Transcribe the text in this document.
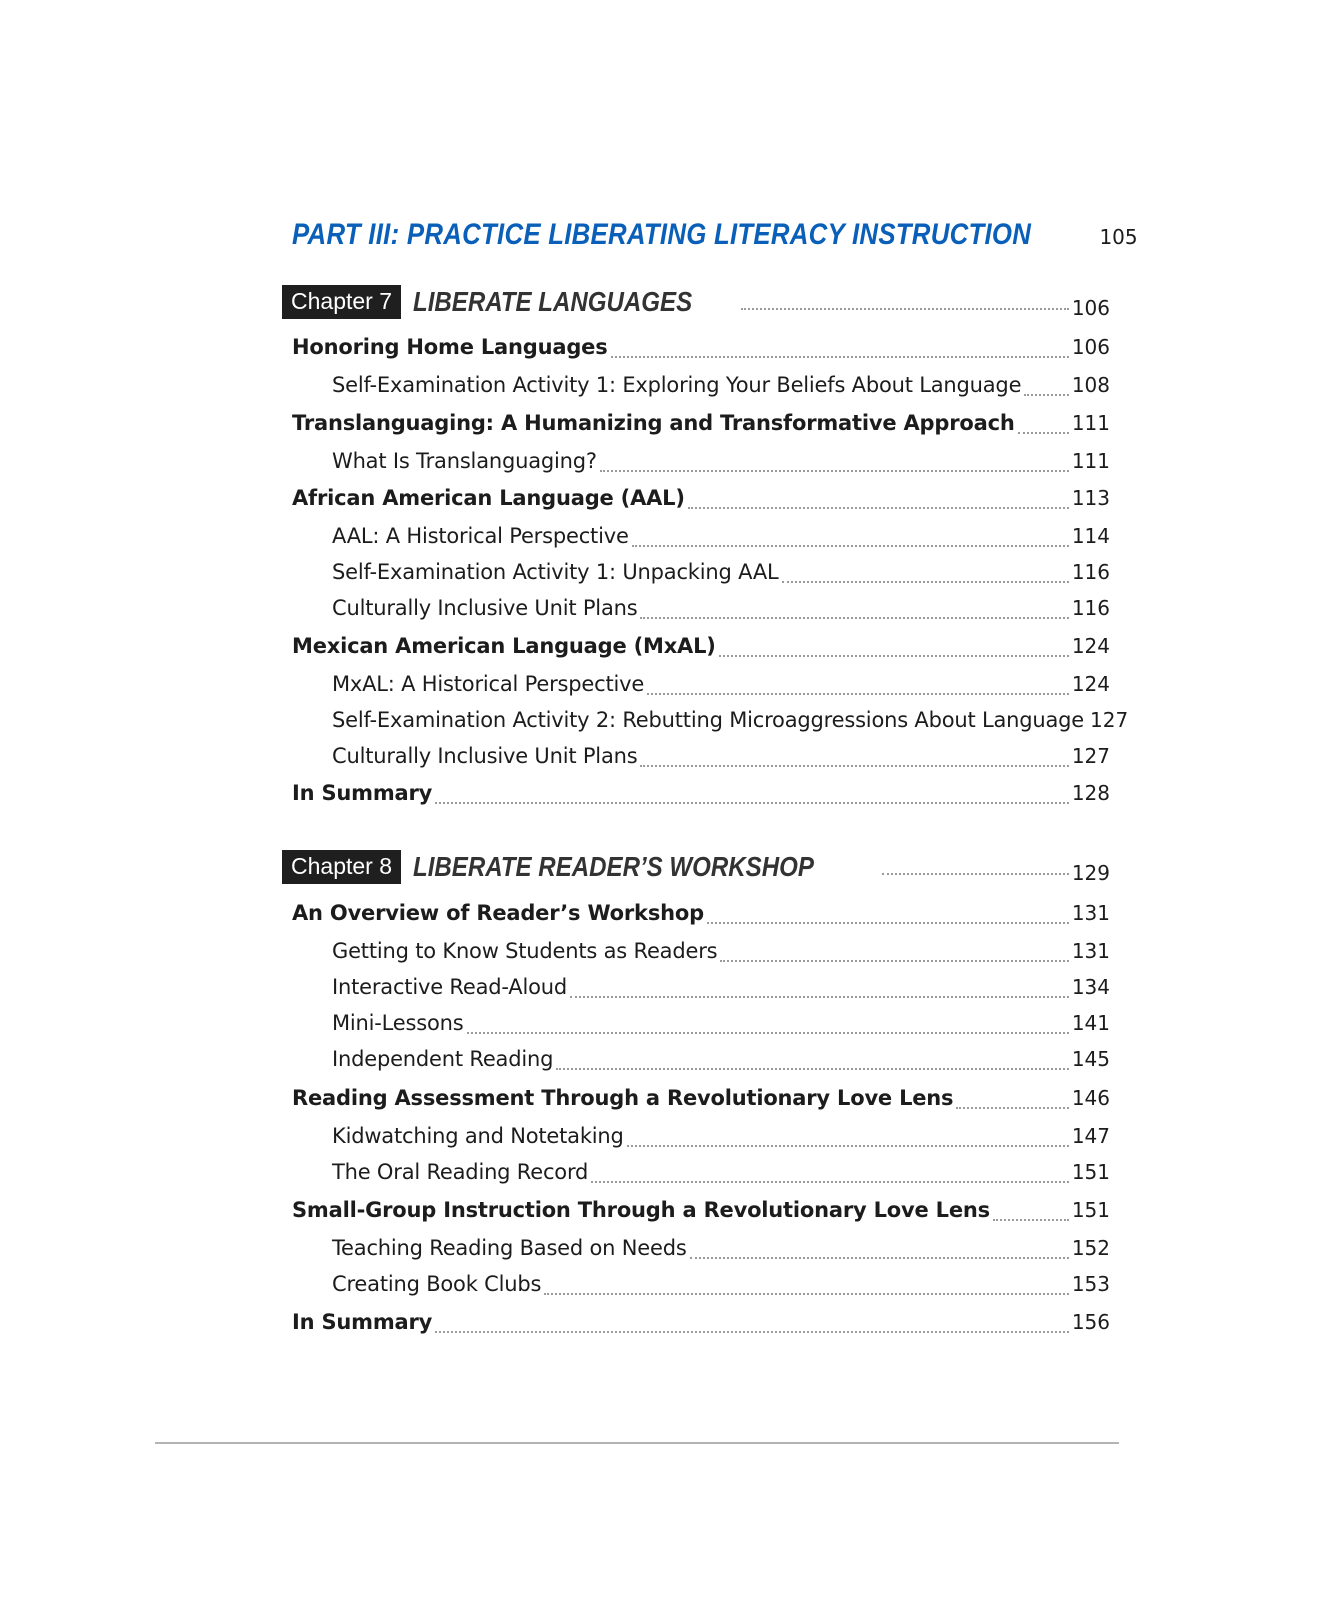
PART III: PRACTICE LIBERATING LITERACY INSTRUCTION	105
Chapter 7 LIBERATE LANGUAGES	106
Honoring Home Languages	106
Self-Examination Activity 1: Exploring Your Beliefs About Language	108
Translanguaging: A Humanizing and Transformative Approach	111
What Is Translanguaging?	111
African American Language (AAL)	113
AAL: A Historical Perspective	114
Self-Examination Activity 1: Unpacking AAL	116
Culturally Inclusive Unit Plans	116
Mexican American Language (MxAL)	124
MxAL: A Historical Perspective	124
Self-Examination Activity 2: Rebutting Microaggressions About Language 127
Culturally Inclusive Unit Plans	127
In Summary	128
Chapter 8 LIBERATE READER’S WORKSHOP	129
An Overview of Reader’s Workshop	131
Getting to Know Students as Readers	131
Interactive Read-Aloud	134
Mini-Lessons	141
Independent Reading	145
Reading Assessment Through a Revolutionary Love Lens	146
Kidwatching and Notetaking	147
The Oral Reading Record	151
Small-Group Instruction Through a Revolutionary Love Lens	151
Teaching Reading Based on Needs	152
Creating Book Clubs	153
In Summary	156
